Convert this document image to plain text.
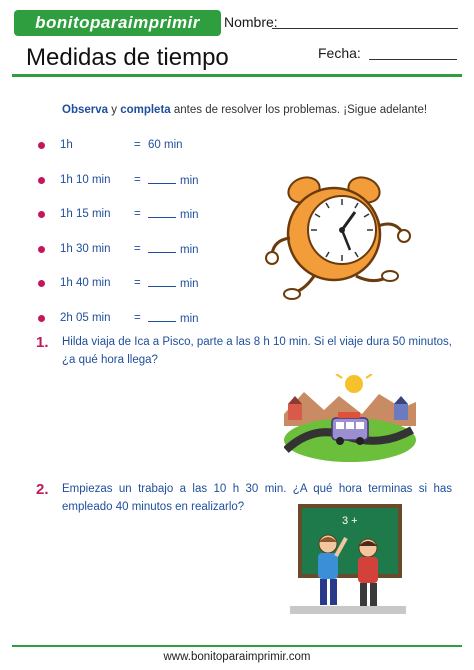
bonitoparaimprimir Nombre:
Medidas de tiempo	Fecha:
Observa y completa antes de resolver los problemas. ¡Sigue adelante!
1h	= 60 min
1h 10 min =	min
1h 15 min =	min
1h 30 min =	min
1h 40 min =	min
2h 05 min =	min
1. Hilda viaja de Ica a Pisco, parte a las 8 h 10 min. Si el viaje dura 50 minutos, ¿a qué hora llega?
2. Empiezas un trabajo a las 10 h 30 min. ¿A qué hora terminas si has empleado 40 minutos en realizarlo?
3 +
www.bonitoparaimprimir.com
